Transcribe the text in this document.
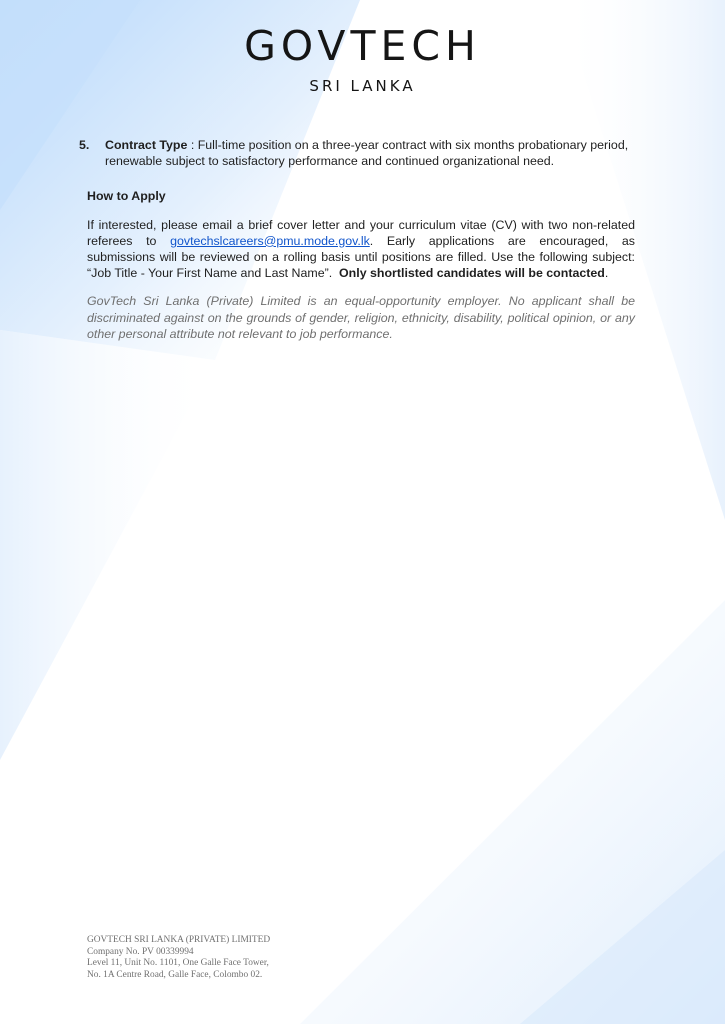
GOVTECH
SRI LANKA
5. Contract Type : Full-time position on a three-year contract with six months probationary period, renewable subject to satisfactory performance and continued organizational need.
How to Apply
If interested, please email a brief cover letter and your curriculum vitae (CV) with two non-related referees to govtechslcareers@pmu.mode.gov.lk. Early applications are encouraged, as submissions will be reviewed on a rolling basis until positions are filled. Use the following subject: “Job Title - Your First Name and Last Name”.  Only shortlisted candidates will be contacted.
GovTech Sri Lanka (Private) Limited is an equal-opportunity employer. No applicant shall be discriminated against on the grounds of gender, religion, ethnicity, disability, political opinion, or any other personal attribute not relevant to job performance.
GOVTECH SRI LANKA (PRIVATE) LIMITED
Company No. PV 00339994
Level 11, Unit No. 1101, One Galle Face Tower,
No. 1A Centre Road, Galle Face, Colombo 02.
